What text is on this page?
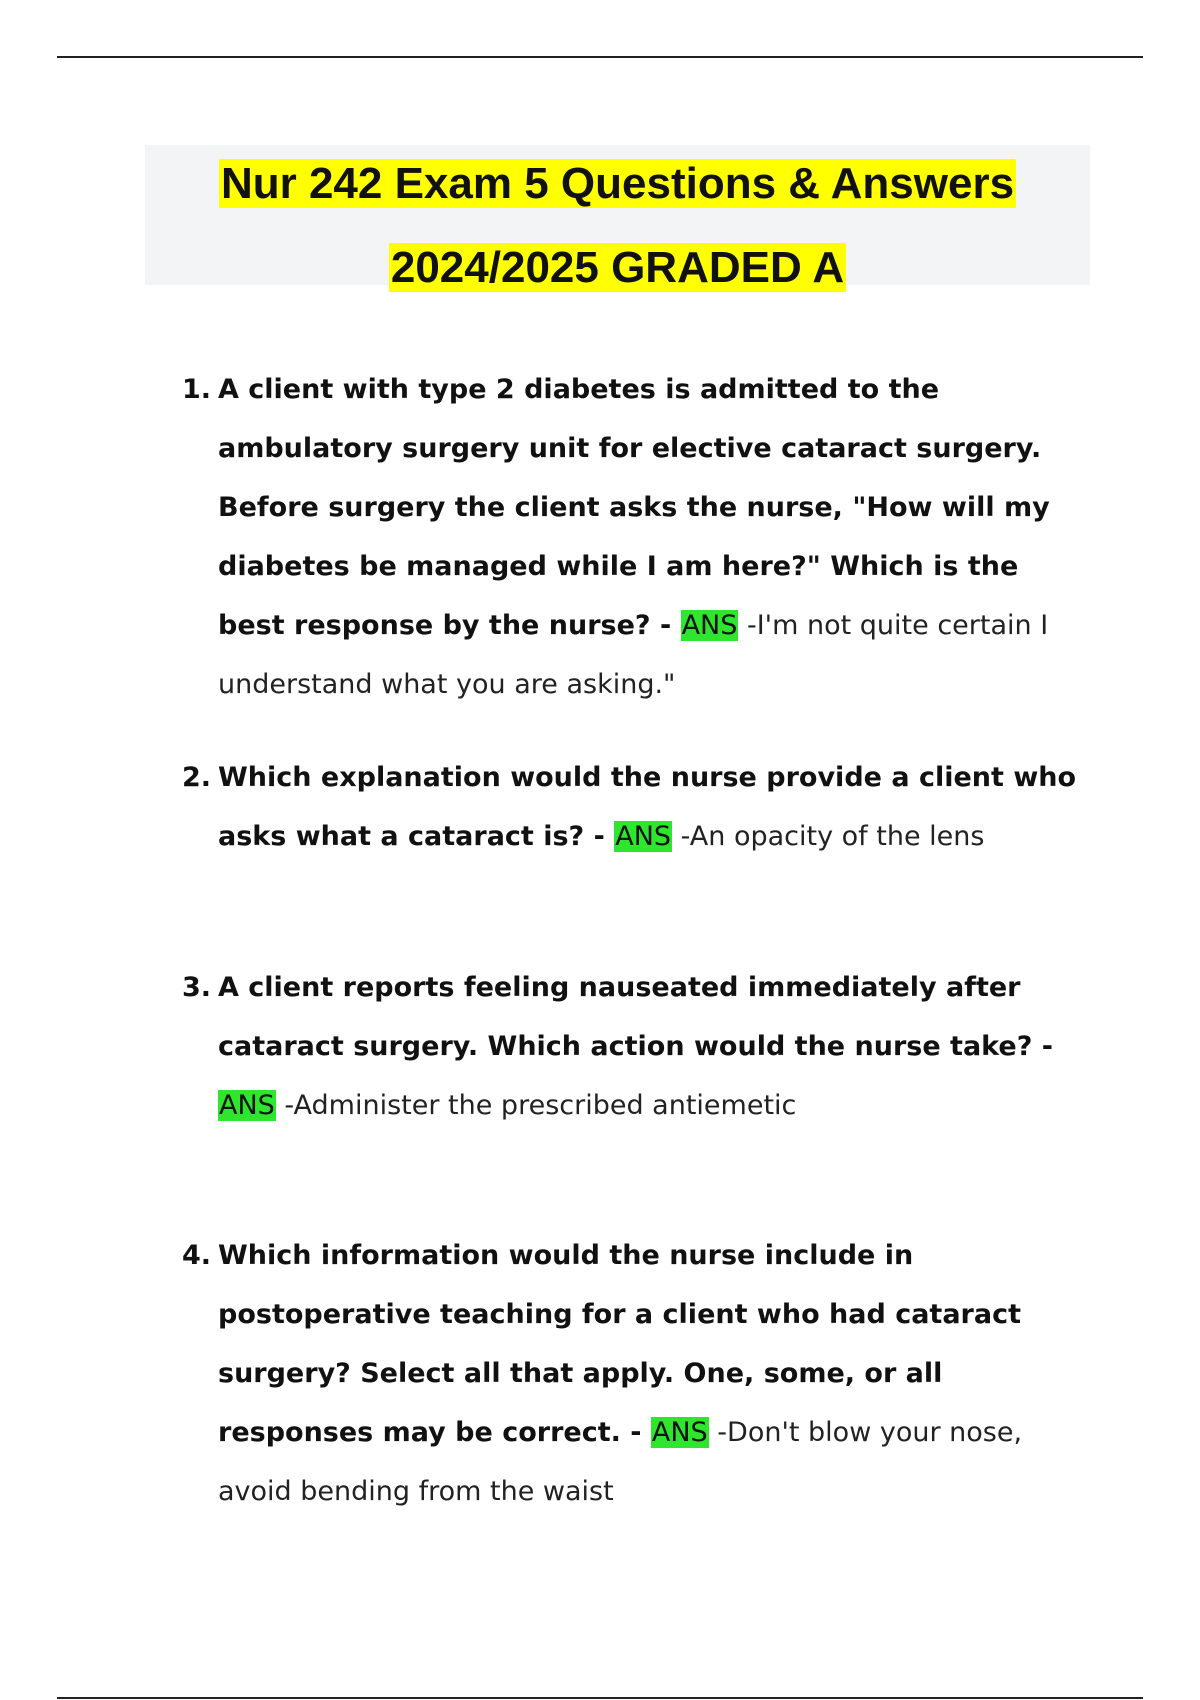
Nur 242 Exam 5 Questions & Answers
2024/2025 GRADED A
1. A client with type 2 diabetes is admitted to the ambulatory surgery unit for elective cataract surgery. Before surgery the client asks the nurse, "How will my diabetes be managed while I am here?" Which is the best response by the nurse? - ANS -I'm not quite certain I understand what you are asking."
2. Which explanation would the nurse provide a client who asks what a cataract is? - ANS -An opacity of the lens
3. A client reports feeling nauseated immediately after cataract surgery. Which action would the nurse take? - ANS -Administer the prescribed antiemetic
4. Which information would the nurse include in postoperative teaching for a client who had cataract surgery? Select all that apply. One, some, or all responses may be correct. - ANS -Don't blow your nose, avoid bending from the waist
